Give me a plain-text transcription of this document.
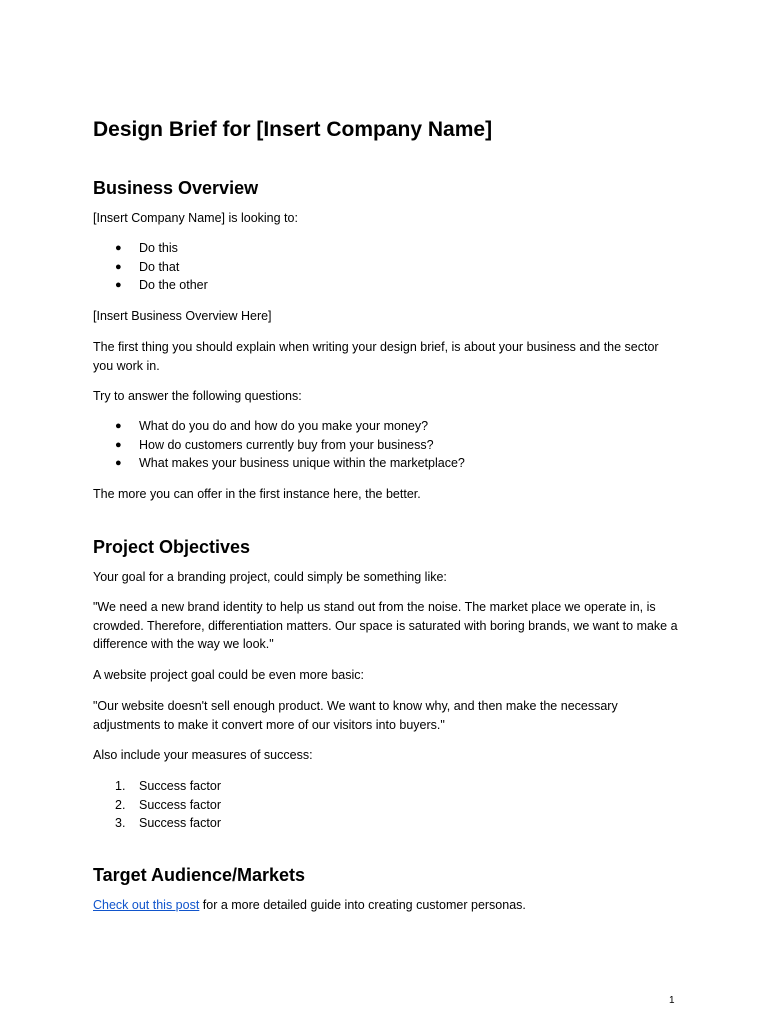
Design Brief for [Insert Company Name]
Business Overview

[Insert Company Name] is looking to:

● Do this
● Do that
● Do the other

[Insert Business Overview Here]

The first thing you should explain when writing your design brief, is about your business and the sector you work in.

Try to answer the following questions:

● What do you do and how do you make your money?
● How do customers currently buy from your business?
● What makes your business unique within the marketplace?

The more you can offer in the first instance here, the better.

Project Objectives

Your goal for a branding project, could simply be something like:

"We need a new brand identity to help us stand out from the noise. The market place we operate in, is crowded. Therefore, differentiation matters. Our space is saturated with boring brands, we want to make a difference with the way we look."

A website project goal could be even more basic:

"Our website doesn't sell enough product. We want to know why, and then make the necessary adjustments to make it convert more of our visitors into buyers."

Also include your measures of success:

1. Success factor
2. Success factor
3. Success factor
Target Audience/Markets

Check out this post for a more detailed guide into creating customer personas.

1
